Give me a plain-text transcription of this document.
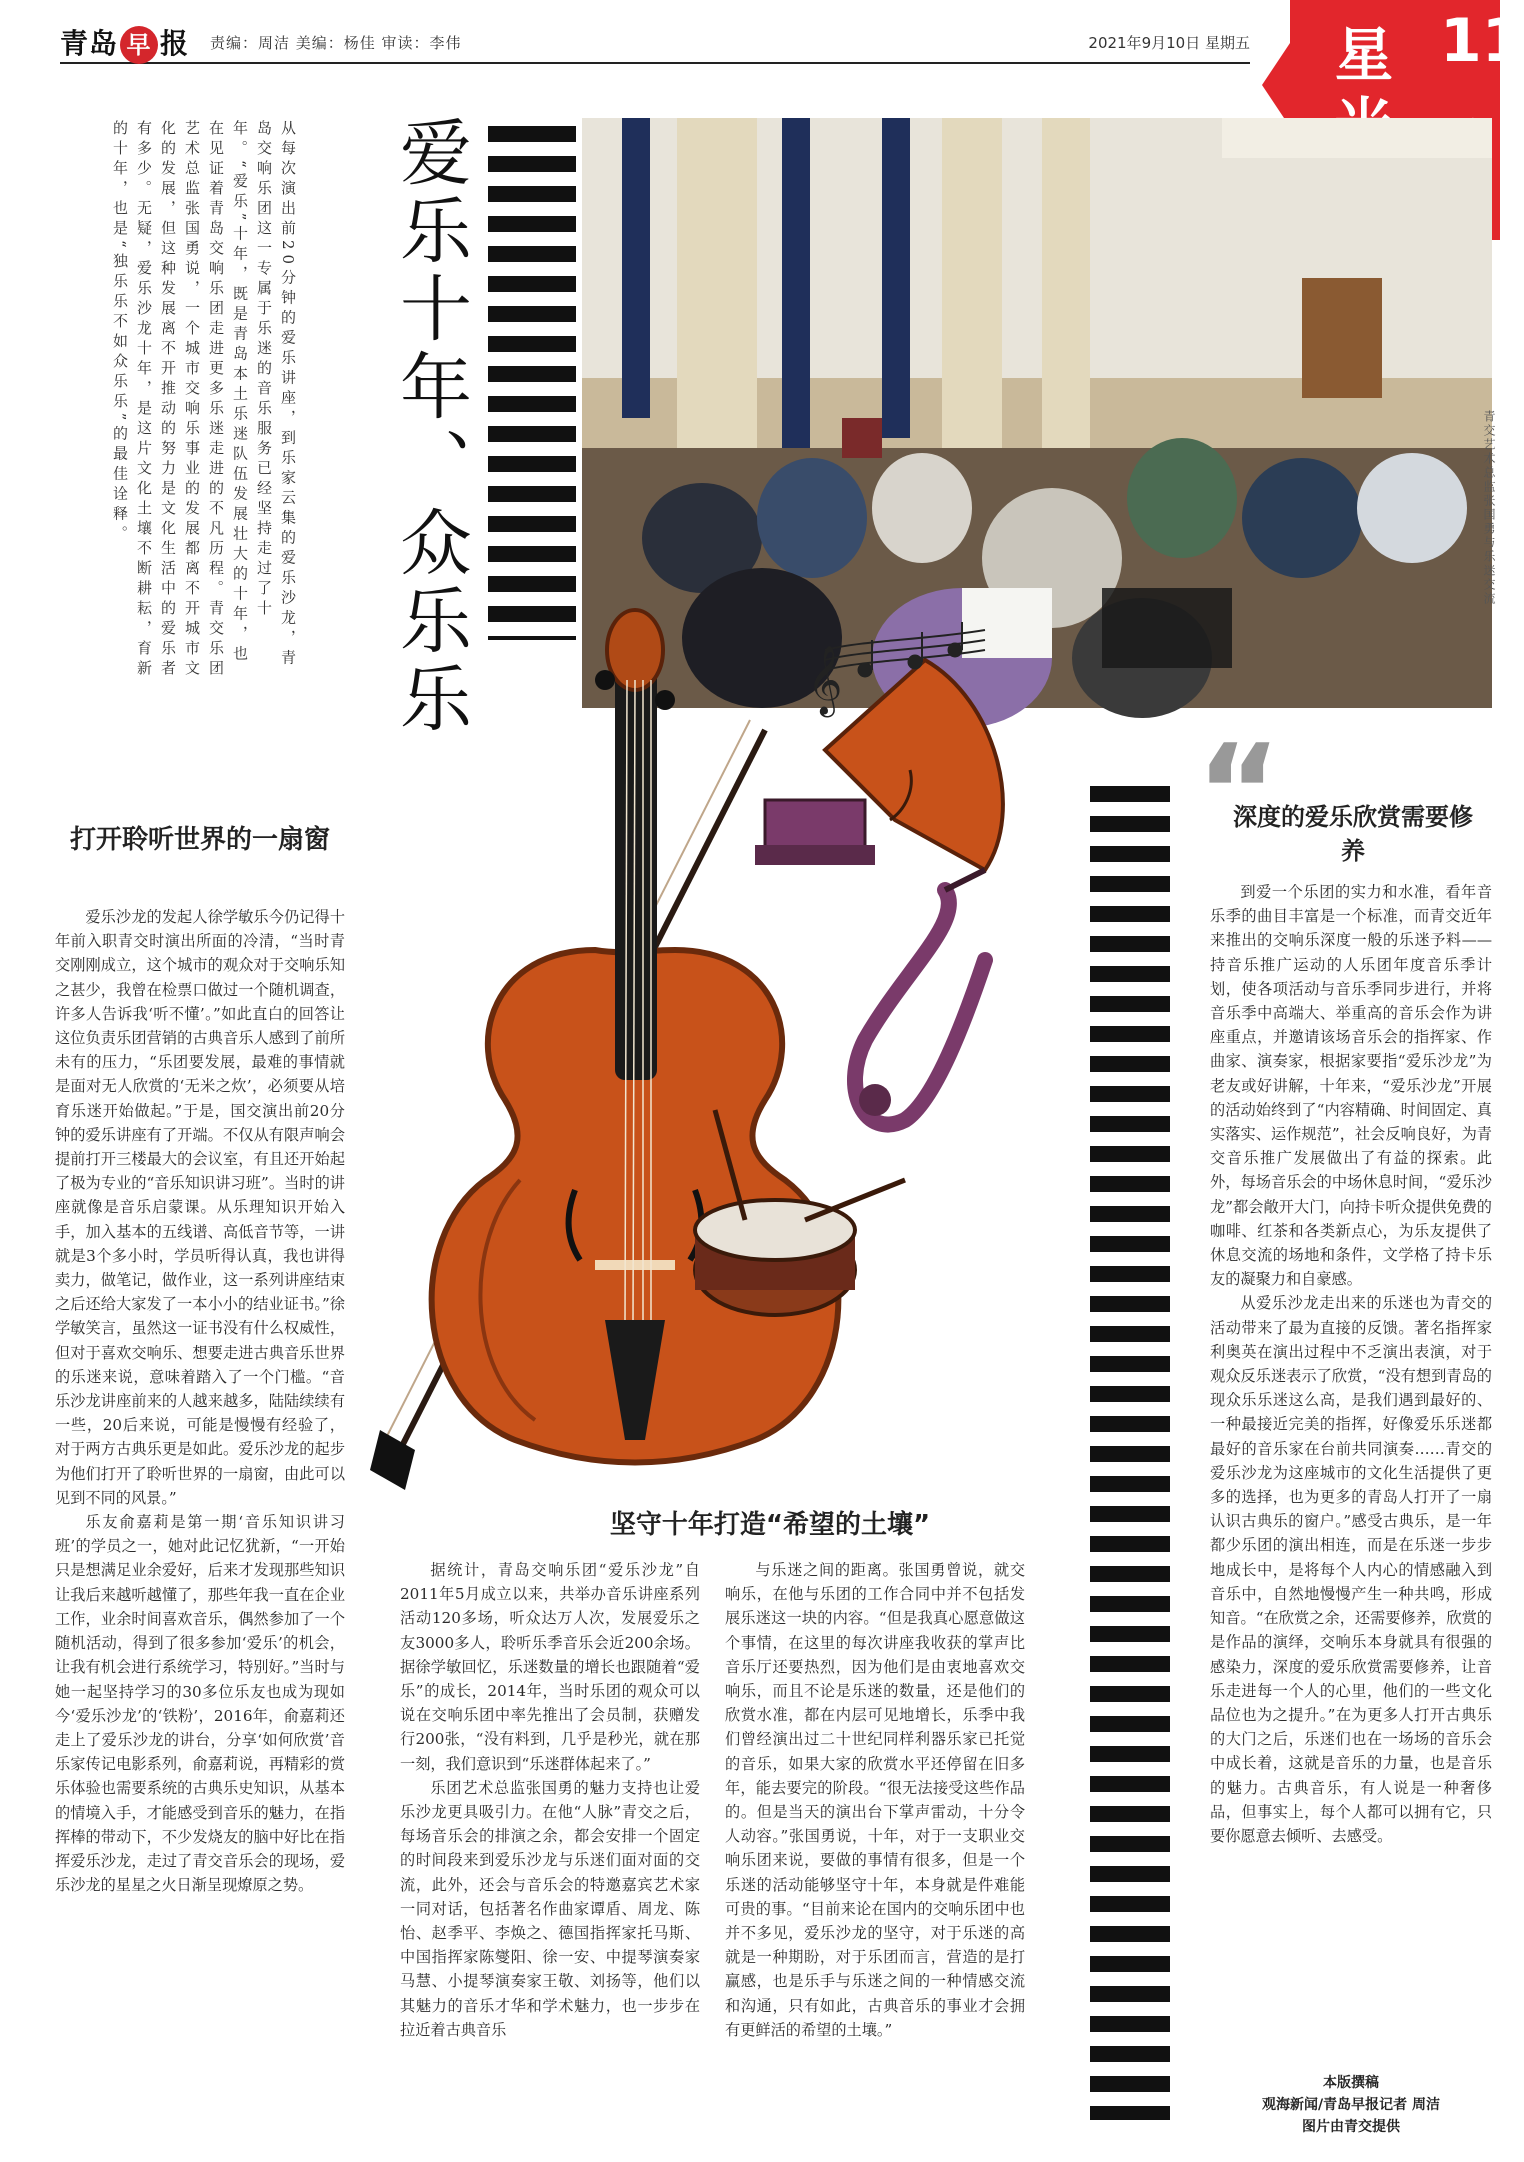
青岛 早 报 责编：周洁 美编：杨佳 审读：李伟	2021年9月10日 星期五 星 11
从每次演出前20分钟的爱乐讲座，到乐家云集的爱乐沙龙，青岛交响乐团这一专属于乐迷的音乐服务已经坚持走过了十年。“爱乐”十年，既是青岛本土乐迷队伍发展壮大的十年，也在见证着青岛交响乐团走进更多乐迷走进的不凡历程。青交乐团艺术总监张国勇说，一个城市交响乐事业的发展都离不开城市文化的发展，但这种发展离不开推动的努力是文化生活中的爱乐者有多少。无疑，爱乐沙龙十年，是这片文化土壤不断耕耘，育新的十年，也是“独乐乐不如众乐乐”的最佳诠释。	爱乐十年、众乐乐	青交艺术总监张国勇与乐迷交流
打开聆听世界的一扇窗

爱乐沙龙的发起人徐学敏乐今仍记得十年前入职青交时演出所面的冷清，“当时青交刚刚成立，这个城市的观众对于交响乐知之甚少，我曾在检票口做过一个随机调查，许多人告诉我‘听不懂’。”如此直白的回答让这位负责乐团营销的古典音乐人感到了前所未有的压力，“乐团要发展，最难的事情就是面对无人欣赏的‘无米之炊’，必须要从培育乐迷开始做起。”于是，国交演出前20分钟的爱乐讲座有了开端。不仅从有限声响会提前打开三楼最大的会议室，有且还开始起了极为专业的“音乐知识讲习班”。当时的讲座就像是音乐启蒙课。从乐理知识开始入手，加入基本的五线谱、高低音节等，一讲就是3个多小时，学员听得认真，我也讲得卖力，做笔记，做作业，这一系列讲座结束之后还给大家发了一本小小的结业证书。”徐学敏笑言，虽然这一证书没有什么权威性，但对于喜欢交响乐、想要走进古典音乐世界的乐迷来说，意味着踏入了一个门槛。“音乐沙龙讲座前来的人越来越多，陆陆续续有一些，20后来说，可能是慢慢有经验了，对于两方古典乐更是如此。爱乐沙龙的起步为他们打开了聆听世界的一扇窗，由此可以见到不同的风景。”

乐友俞嘉莉是第一期‘音乐知识讲习班’的学员之一，她对此记忆犹新，“一开始只是想满足业余爱好，后来才发现那些知识让我后来越听越懂了，那些年我一直在企业工作，业余时间喜欢音乐，偶然参加了一个随机活动，得到了很多参加‘爱乐’的机会，让我有机会进行系统学习，特别好。”当时与她一起坚持学习的30多位乐友也成为现如今‘爱乐沙龙’的‘铁粉’，2016年，俞嘉莉还走上了爱乐沙龙的讲台，分享‘如何欣赏’音乐家传记电影系列，俞嘉莉说，再精彩的赏乐体验也需要系统的古典乐史知识，从基本的情境入手，才能感受到音乐的魅力，在指挥棒的带动下，不少发烧友的脑中好比在指挥爱乐沙龙，走过了青交音乐会的现场，爱乐沙龙的星星之火日渐呈现燎原之势。

𝄞
坚守十年打造“希望的土壤”

据统计，青岛交响乐团“爱乐沙龙”自2011年5月成立以来，共举办音乐讲座系列活动120多场，听众达万人次，发展爱乐之友3000多人，聆听乐季音乐会近200余场。据徐学敏回忆，乐迷数量的增长也跟随着“爱乐”的成长，2014年，当时乐团的观众可以说在交响乐团中率先推出了会员制，获赠发行200张，“没有料到，几乎是秒光，就在那一刻，我们意识到“乐迷群体起来了。”

乐团艺术总监张国勇的魅力支持也让爱乐沙龙更具吸引力。在他“人脉”青交之后，每场音乐会的排演之余，都会安排一个固定的时间段来到爱乐沙龙与乐迷们面对面的交流，此外，还会与音乐会的特邀嘉宾艺术家一同对话，包括著名作曲家谭盾、周龙、陈怡、赵季平、李焕之、德国指挥家托马斯、中国指挥家陈燮阳、徐一安、中提琴演奏家马慧、小提琴演奏家王敬、刘扬等，他们以其魅力的音乐才华和学术魅力，也一步步在拉近着古典音乐

与乐迷之间的距离。张国勇曾说，就交响乐，在他与乐团的工作合同中并不包括发展乐迷这一块的内容。“但是我真心愿意做这个事情，在这里的每次讲座我收获的掌声比音乐厅还要热烈，因为他们是由衷地喜欢交响乐，而且不论是乐迷的数量，还是他们的欣赏水准，都在内层可见地增长，乐季中我们曾经演出过二十世纪同样利器乐家已托觉的音乐，如果大家的欣赏水平还停留在旧多年，能去要完的阶段。“很无法接受这些作品的。但是当天的演出台下掌声雷动，十分令人动容。”张国勇说，十年，对于一支职业交响乐团来说，要做的事情有很多，但是一个乐迷的活动能够坚守十年，本身就是件难能可贵的事。“目前来论在国内的交响乐团中也并不多见，爱乐沙龙的坚守，对于乐迷的高就是一种期盼，对于乐团而言，营造的是打赢感，也是乐手与乐迷之间的一种情感交流和沟通，只有如此，古典音乐的事业才会拥有更鲜活的希望的土壤。”

“
深度的爱乐欣赏需要修养

到爱一个乐团的实力和水准，看年音乐季的曲目丰富是一个标准，而青交近年来推出的交响乐深度一般的乐迷予料——持音乐推广运动的人乐团年度音乐季计划，使各项活动与音乐季同步进行，并将音乐季中高端大、举重高的音乐会作为讲座重点，并邀请该场音乐会的指挥家、作曲家、演奏家，根据家要指“爱乐沙龙”为老友或好讲解，十年来，“爱乐沙龙”开展的活动始终到了“内容精确、时间固定、真实落实、运作规范”，社会反响良好，为青交音乐推广发展做出了有益的探索。此外，每场音乐会的中场休息时间，“爱乐沙龙”都会敞开大门，向持卡听众提供免费的咖啡、红茶和各类新点心，为乐友提供了休息交流的场地和条件，文学格了持卡乐友的凝聚力和自豪感。

从爱乐沙龙走出来的乐迷也为青交的活动带来了最为直接的反馈。著名指挥家利奥英在演出过程中不乏演出表演，对于观众反乐迷表示了欣赏，“没有想到青岛的现众乐乐迷这么高，是我们遇到最好的、一种最接近完美的指挥，好像爱乐乐迷都最好的音乐家在台前共同演奏……青交的爱乐沙龙为这座城市的文化生活提供了更多的选择，也为更多的青岛人打开了一扇认识古典乐的窗户。”感受古典乐，是一年都少乐团的演出相连，而是在乐迷一步步地成长中，是将每个人内心的情感融入到音乐中，自然地慢慢产生一种共鸣，形成知音。“在欣赏之余，还需要修养，欣赏的是作品的演绎，交响乐本身就具有很强的感染力，深度的爱乐欣赏需要修养，让音乐走进每一个人的心里，他们的一些文化品位也为之提升。”在为更多人打开古典乐的大门之后，乐迷们也在一场场的音乐会中成长着，这就是音乐的力量，也是音乐的魅力。古典音乐，有人说是一种奢侈品，但事实上，每个人都可以拥有它，只要你愿意去倾听、去感受。

本版撰稿
观海新闻/青岛早报记者 周洁
图片由青交提供
